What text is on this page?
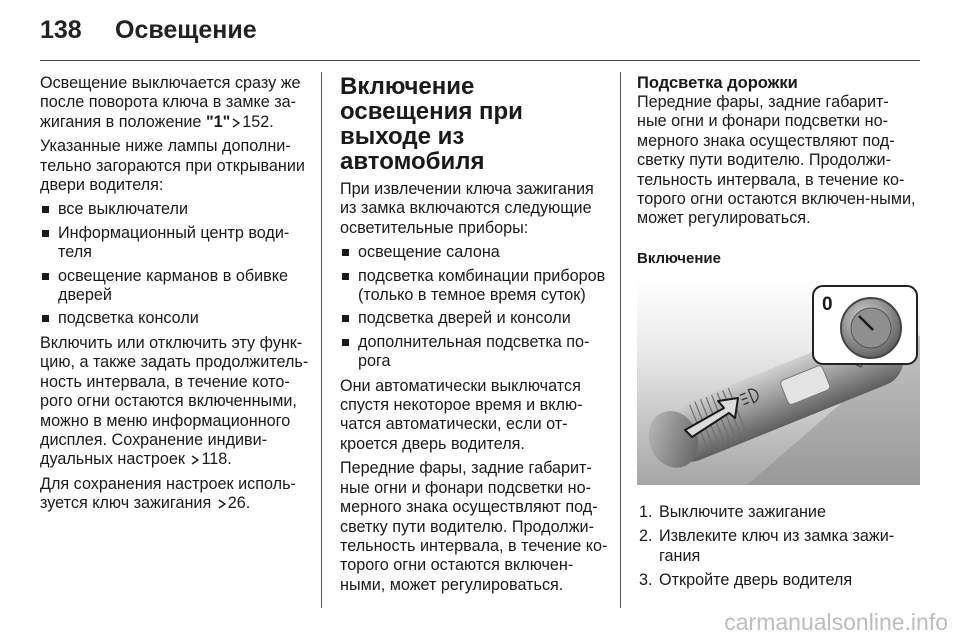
138 Освещение

Освещение выключается сразу же после поворота ключа в замке за-жигания в положение "1" 152.

Указанные ниже лампы дополни-тельно загораются при открывании двери водителя:

все выключатели
Информационный центр води-теля
освещение карманов в обивке дверей
подсветка консоли

Включить или отключить эту функ-цию, а также задать продолжитель-ность интервала, в течение кото-рого огни остаются включенными, можно в меню информационного дисплея. Сохранение индиви-дуальных настроек 118.

Для сохранения настроек исполь-зуется ключ зажигания 26.

Включение освещения при выходе из автомобиля

При извлечении ключа зажигания из замка включаются следующие осветительные приборы:

освещение салона
подсветка комбинации приборов (только в темное время суток)
подсветка дверей и консоли
дополнительная подсветка по-рога

Они автоматически выключатся спустя некоторое время и вклю-чатся автоматически, если от-кроется дверь водителя.

Передние фары, задние габарит-ные огни и фонари подсветки но-мерного знака осуществляют под-светку пути водителю. Продолжи-тельность интервала, в течение ко-торого огни остаются включен-ными, может регулироваться.

Подсветка дорожки

Передние фары, задние габарит-ные огни и фонари подсветки но-мерного знака осуществляют под-светку пути водителю. Продолжи-тельность интервала, в течение ко-торого огни остаются включен-ными, может регулироваться.

Включение
0
1. Выключите зажигание
2. Извлеките ключ из замка зажи-гания
3. Откройте дверь водителя
carmanualsonline.info
